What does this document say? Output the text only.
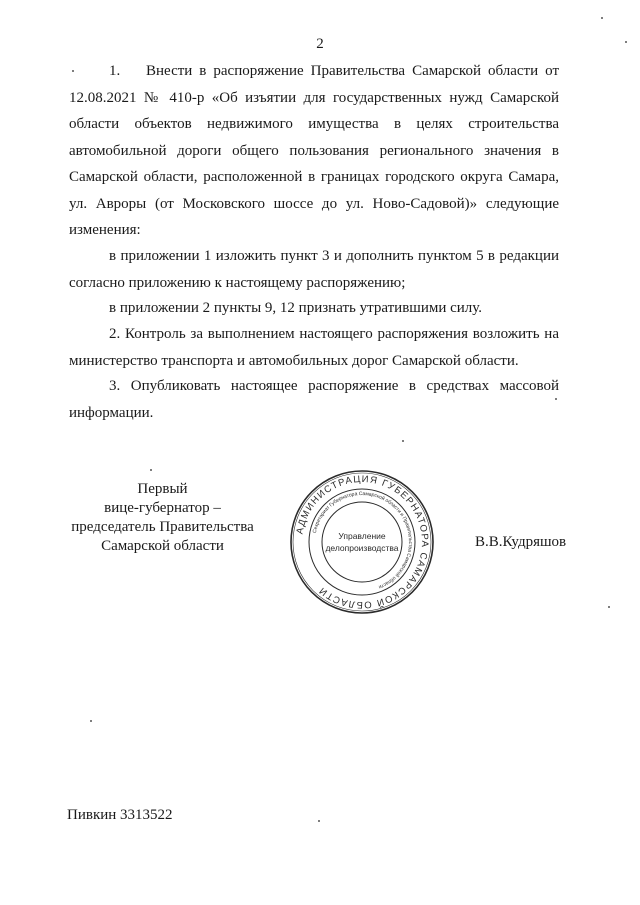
2

1. Внести в распоряжение Правительства Самарской области от 12.08.2021 № 410-р «Об изъятии для государственных нужд Самарской области объектов недвижимого имущества в целях строительства автомобильной дороги общего пользования регионального значения в Самарской области, расположенной в границах городского округа Самара, ул. Авроры (от Московского шоссе до ул. Ново-Садовой)» следующие изменения:

в приложении 1 изложить пункт 3 и дополнить пунктом 5 в редакции согласно приложению к настоящему распоряжению;

в приложении 2 пункты 9, 12 признать утратившими силу.

2. Контроль за выполнением настоящего распоряжения возложить на министерство транспорта и автомобильных дорог Самарской области.

3. Опубликовать настоящее распоряжение в средствах массовой информации.

Первый
вице-губернатор –
председатель Правительства
Самарской области
АДМИНИСТРАЦИЯ ГУБЕРНАТОРА САМАРСКОЙ ОБЛАСТИ
Секретариат Губернатора Самарской области и Правительства Самарской области
Управление
делопроизводства	В.В.Кудряшов
Пивкин 3313522
